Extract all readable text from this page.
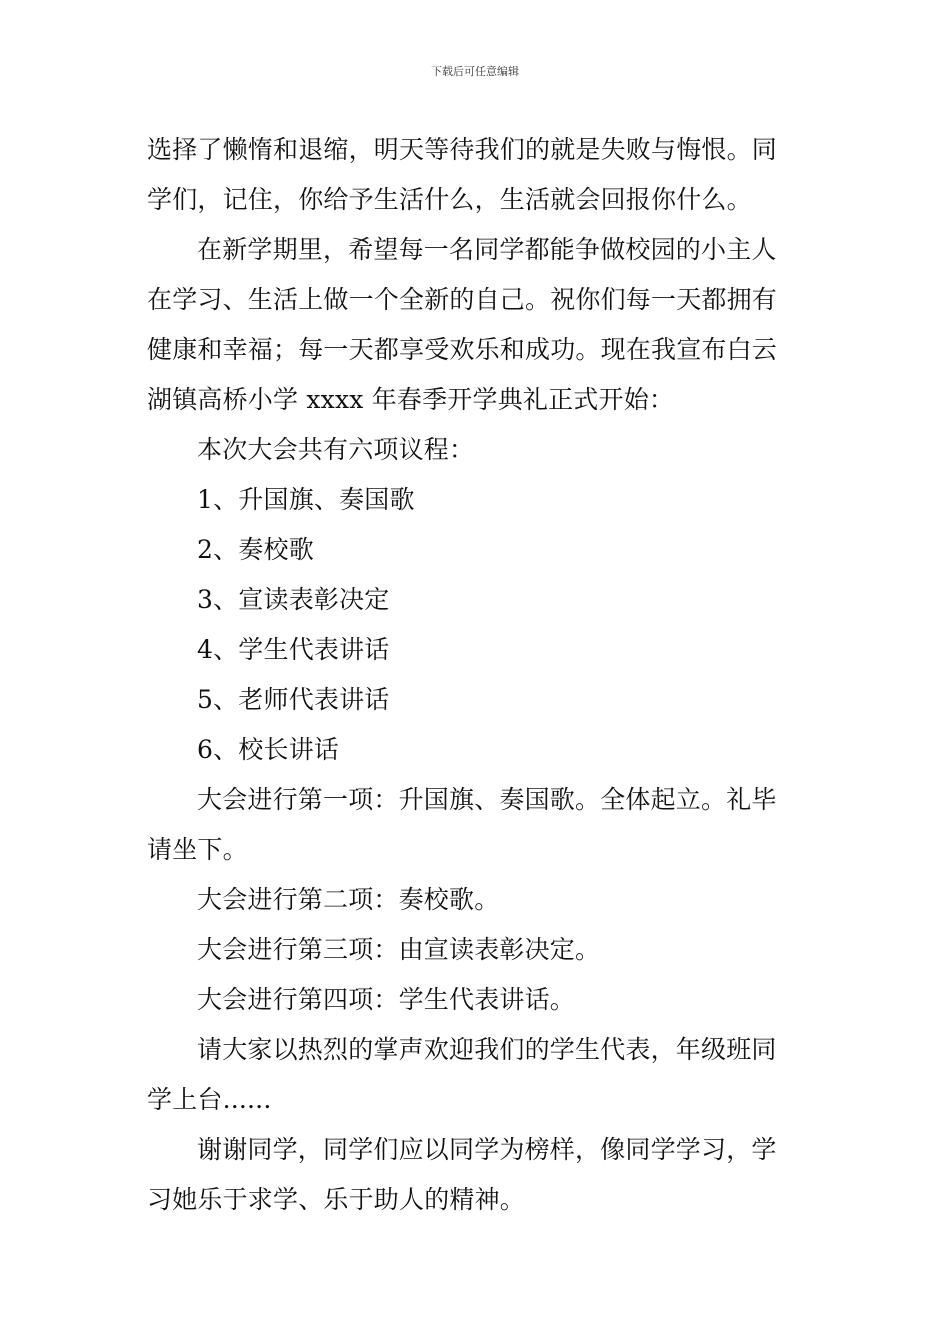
下载后可任意编辑
选择了懒惰和退缩，明天等待我们的就是失败与悔恨。同
学们，记住，你给予生活什么，生活就会回报你什么。
在新学期里，希望每一名同学都能争做校园的小主人
在学习、生活上做一个全新的自己。祝你们每一天都拥有
健康和幸福；每一天都享受欢乐和成功。现在我宣布白云
湖镇高桥小学 xxxx 年春季开学典礼正式开始：
本次大会共有六项议程：
1、升国旗、奏国歌
2、奏校歌
3、宣读表彰决定
4、学生代表讲话
5、老师代表讲话
6、校长讲话
大会进行第一项：升国旗、奏国歌。全体起立。礼毕
请坐下。
大会进行第二项：奏校歌。
大会进行第三项：由宣读表彰决定。
大会进行第四项：学生代表讲话。
请大家以热烈的掌声欢迎我们的学生代表，年级班同
学上台......
谢谢同学，同学们应以同学为榜样，像同学学习，学
习她乐于求学、乐于助人的精神。
